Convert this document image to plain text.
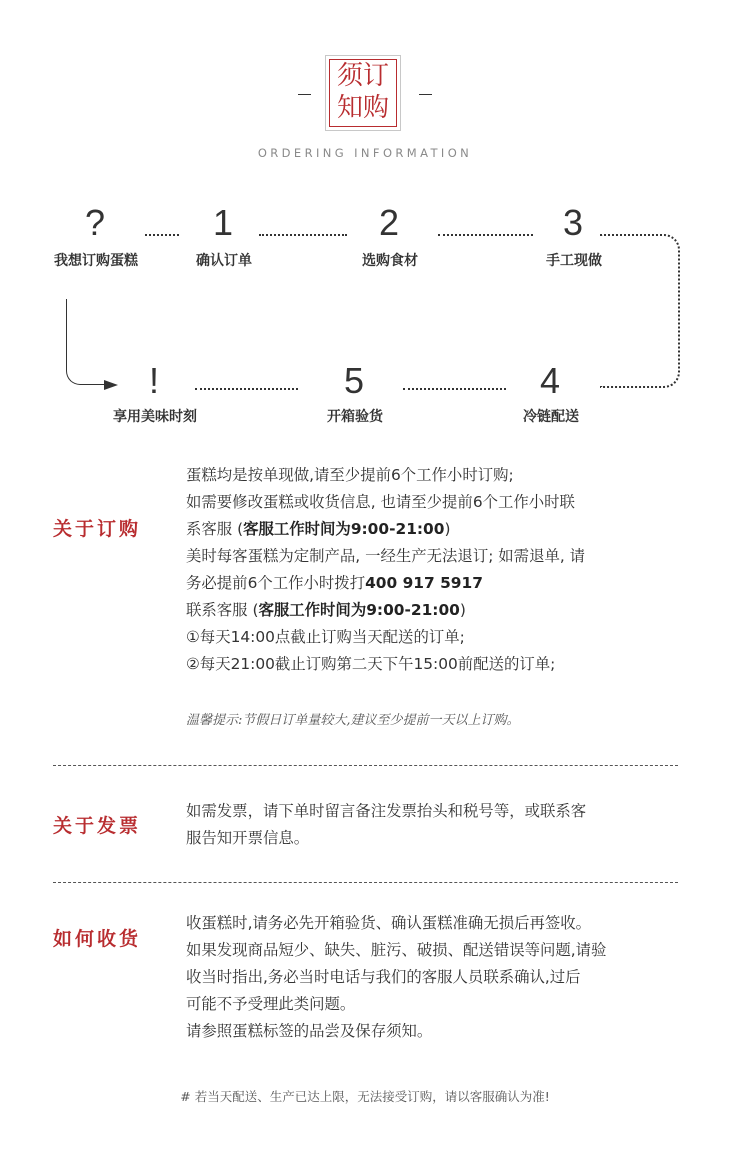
须订
知购
ORDERING INFORMATION
?
我想订购蛋糕
1
确认订单
2
选购食材
3
手工现做
4
冷链配送
5
开箱验货
!
享用美味时刻
关于订购

蛋糕均是按单现做,请至少提前6个工作小时订购;

如需要修改蛋糕或收货信息, 也请至少提前6个工作小时联

系客服 (客服工作时间为9:00-21:00)

美时每客蛋糕为定制产品, 一经生产无法退订; 如需退单, 请

务必提前6个工作小时拨打400 917 5917

联系客服 (客服工作时间为9:00-21:00)

①每天14:00点截止订购当天配送的订单;

②每天21:00截止订购第二天下午15:00前配送的订单;

温馨提示:节假日订单量较大,建议至少提前一天以上订购。
关于发票

如需发票，请下单时留言备注发票抬头和税号等，或联系客

服告知开票信息。

如何收货

收蛋糕时,请务必先开箱验货、确认蛋糕准确无损后再签收。

如果发现商品短少、缺失、脏污、破损、配送错误等问题,请验

收当时指出,务必当时电话与我们的客服人员联系确认,过后

可能不予受理此类问题。

请参照蛋糕标签的品尝及保存须知。

# 若当天配送、生产已达上限，无法接受订购，请以客服确认为准!
